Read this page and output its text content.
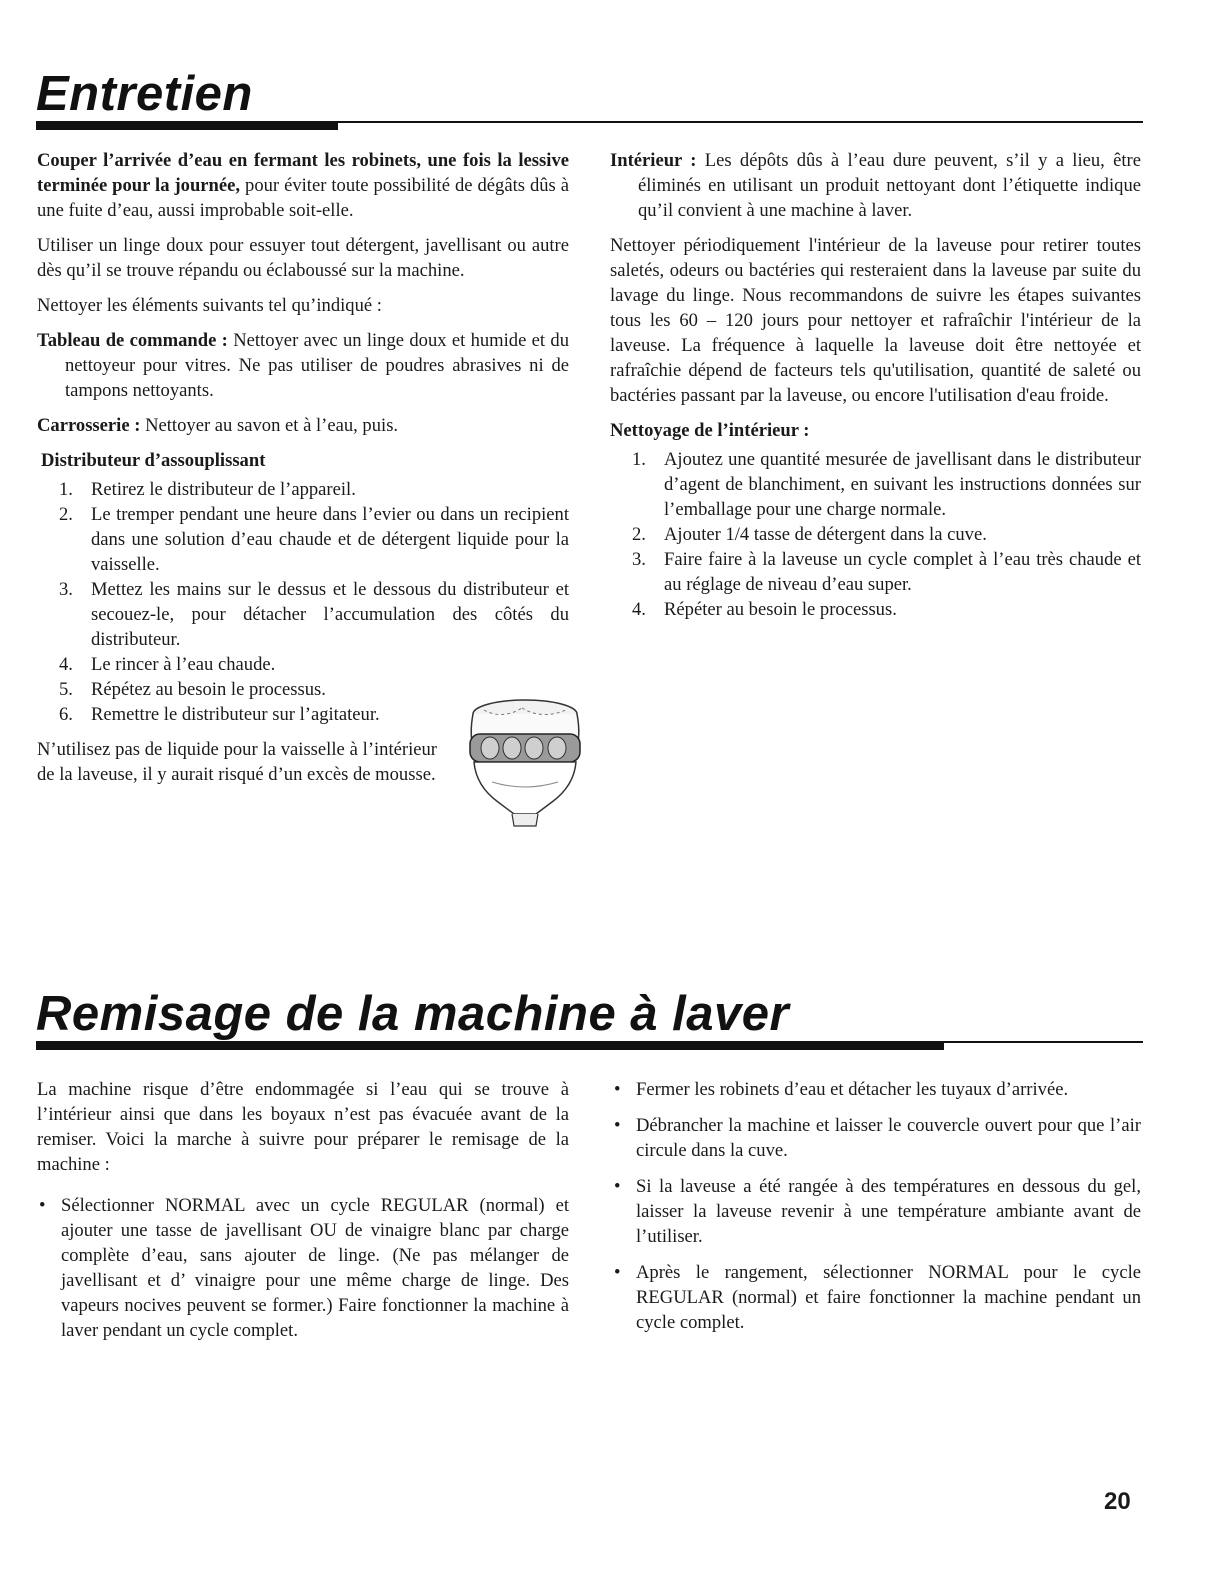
Entretien

Couper l’arrivée d’eau en fermant les robinets, une fois la lessive terminée pour la journée, pour éviter toute possibilité de dégâts dûs à une fuite d’eau, aussi improbable soit-elle.

Utiliser un linge doux pour essuyer tout détergent, javellisant ou autre dès qu’il se trouve répandu ou éclaboussé sur la machine.

Nettoyer les éléments suivants tel qu’indiqué :

Tableau de commande : Nettoyer avec un linge doux et humide et du nettoyeur pour vitres. Ne pas utiliser de poudres abrasives ni de tampons nettoyants.

Carrosserie : Nettoyer au savon et à l’eau, puis.

Distributeur d’assouplissant
1. Retirez le distributeur de l’appareil.
2. Le tremper pendant une heure dans l’evier ou dans un recipient dans une solution d’eau chaude et de détergent liquide pour la vaisselle.
3. Mettez les mains sur le dessus et le dessous du distributeur et secouez-le, pour détacher l’accumulation des côtés du distributeur.
4. Le rincer à l’eau chaude.
5. Répétez au besoin le processus.
6. Remettre le distributeur sur l’agitateur.

N’utilisez pas de liquide pour la vaisselle à l’intérieur de la laveuse, il y aurait risqué d’un excès de mousse.

Intérieur : Les dépôts dûs à l’eau dure peuvent, s’il y a lieu, être éliminés en utilisant un produit nettoyant dont l’étiquette indique qu’il convient à une machine à laver.

Nettoyer périodiquement l'intérieur de la laveuse pour retirer toutes saletés, odeurs ou bactéries qui resteraient dans la laveuse par suite du lavage du linge. Nous recommandons de suivre les étapes suivantes tous les 60 – 120 jours pour nettoyer et rafraîchir l'intérieur de la laveuse. La fréquence à laquelle la laveuse doit être nettoyée et rafraîchie dépend de facteurs tels qu'utilisation, quantité de saleté ou bactéries passant par la laveuse, ou encore l'utilisation d'eau froide.

Nettoyage de l’intérieur :
1. Ajoutez une quantité mesurée de javellisant dans le distributeur d’agent de blanchiment, en suivant les instructions données sur l’emballage pour une charge normale.
2. Ajouter 1/4 tasse de détergent dans la cuve.
3. Faire faire à la laveuse un cycle complet à l’eau très chaude et au réglage de niveau d’eau super.
4. Répéter au besoin le processus.
Remisage de la machine à laver

La machine risque d’être endommagée si l’eau qui se trouve à l’intérieur ainsi que dans les boyaux n’est pas évacuée avant de la remiser. Voici la marche à suivre pour préparer le remisage de la machine :

• Sélectionner NORMAL avec un cycle REGULAR (normal) et ajouter une tasse de javellisant OU de vinaigre blanc par charge complète d’eau, sans ajouter de linge. (Ne pas mélanger de javellisant et d’ vinaigre pour une même charge de linge. Des vapeurs nocives peuvent se former.) Faire fonctionner la machine à laver pendant un cycle complet.
• Fermer les robinets d’eau et détacher les tuyaux d’arrivée.
• Débrancher la machine et laisser le couvercle ouvert pour que l’air circule dans la cuve.
• Si la laveuse a été rangée à des températures en dessous du gel, laisser la laveuse revenir à une température ambiante avant de l’utiliser.
• Après le rangement, sélectionner NORMAL pour le cycle REGULAR (normal) et faire fonctionner la machine pendant un cycle complet.
20
